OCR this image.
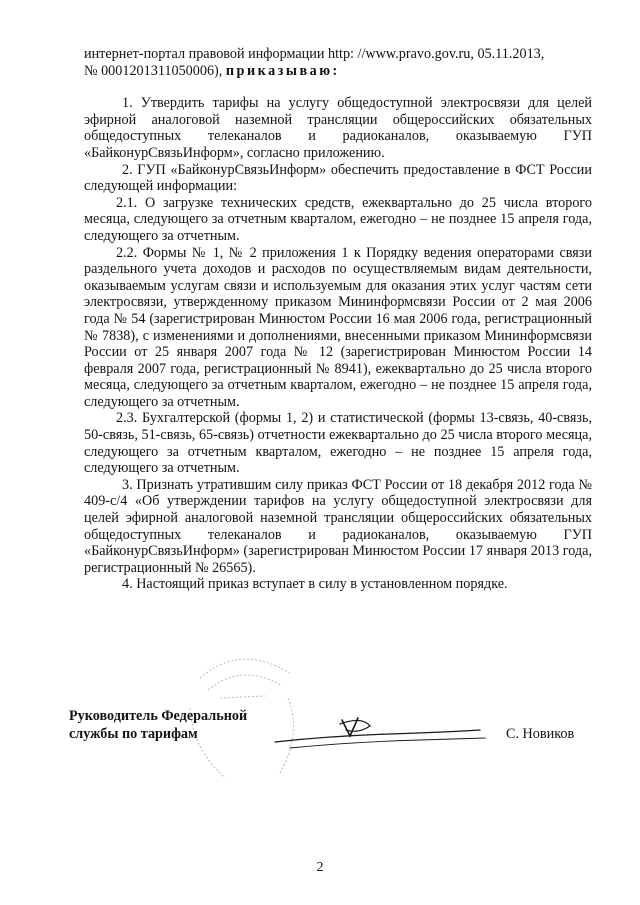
интернет-портал правовой информации http: //www.pravo.gov.ru, 05.11.2013,

№ 0001201311050006), приказываю:

1. Утвердить тарифы на услугу общедоступной электросвязи для целей эфирной аналоговой наземной трансляции общероссийских обязательных общедоступных телеканалов и радиоканалов, оказываемую ГУП «БайконурСвязьИнформ», согласно приложению.

2. ГУП «БайконурСвязьИнформ» обеспечить предоставление в ФСТ России следующей информации:

2.1. О загрузке технических средств, ежеквартально до 25 числа второго месяца, следующего за отчетным кварталом, ежегодно – не позднее 15 апреля года, следующего за отчетным.

2.2. Формы № 1, № 2 приложения 1 к Порядку ведения операторами связи раздельного учета доходов и расходов по осуществляемым видам деятельности, оказываемым услугам связи и используемым для оказания этих услуг частям сети электросвязи, утвержденному приказом Мининформсвязи России от 2 мая 2006 года № 54 (зарегистрирован Минюстом России 16 мая 2006 года, регистрационный № 7838), с изменениями и дополнениями, внесенными приказом Мининформсвязи России от 25 января 2007 года № 12 (зарегистрирован Минюстом России 14 февраля 2007 года, регистрационный № 8941), ежеквартально до 25 числа второго месяца, следующего за отчетным кварталом, ежегодно – не позднее 15 апреля года, следующего за отчетным.

2.3. Бухгалтерской (формы 1, 2) и статистической (формы 13-связь, 40-связь, 50-связь, 51-связь, 65-связь) отчетности ежеквартально до 25 числа второго месяца, следующего за отчетным кварталом, ежегодно – не позднее 15 апреля года, следующего за отчетным.

3. Признать утратившим силу приказ ФСТ России от 18 декабря 2012 года № 409-с/4 «Об утверждении тарифов на услугу общедоступной электросвязи для целей эфирной аналоговой наземной трансляции общероссийских обязательных общедоступных телеканалов и радиоканалов, оказываемую ГУП «БайконурСвязьИнформ» (зарегистрирован Минюстом России 17 января 2013 года, регистрационный № 26565).

4. Настоящий приказ вступает в силу в установленном порядке.

Руководитель Федеральной
службы по тарифам	С. Новиков
2
